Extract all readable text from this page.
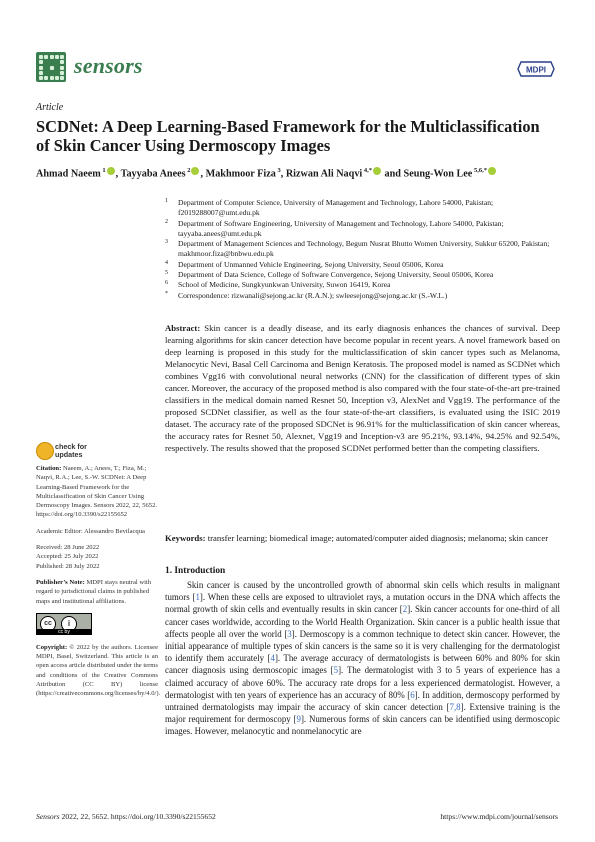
sensors	MDPI
Article
SCDNet: A Deep Learning-Based Framework for the Multiclassification of Skin Cancer Using Dermoscopy Images
Ahmad Naeem $^1$ , Tayyaba Anees $^2$ , Makhmoor Fiza $^3$, Rizwan Ali Naqvi $^{4,*}$ and Seung-Won Lee $^{5,6,*}$
1 Department of Computer Science, University of Management and Technology, Lahore 54000, Pakistan; f2019288007@umt.edu.pk
2 Department of Software Engineering, University of Management and Technology, Lahore 54000, Pakistan; tayyaba.anees@umt.edu.pk
3 Department of Management Sciences and Technology, Begum Nusrat Bhutto Women University, Sukkur 65200, Pakistan; makhmoor.fiza@bnbwu.edu.pk
4 Department of Unmanned Vehicle Engineering, Sejong University, Seoul 05006, Korea
5 Department of Data Science, College of Software Convergence, Sejong University, Seoul 05006, Korea
6 School of Medicine, Sungkyunkwan University, Suwon 16419, Korea
* Correspondence: rizwanali@sejong.ac.kr (R.A.N.); swleesejong@sejong.ac.kr (S.-W.L.)
Abstract: Skin cancer is a deadly disease, and its early diagnosis enhances the chances of survival. Deep learning algorithms for skin cancer detection have become popular in recent years. A novel framework based on deep learning is proposed in this study for the multiclassification of skin cancer types such as Melanoma, Melanocytic Nevi, Basal Cell Carcinoma and Benign Keratosis. The proposed model is named as SCDNet which combines Vgg16 with convolutional neural networks (CNN) for the classification of different types of skin cancer. Moreover, the accuracy of the proposed method is also compared with the four state-of-the-art pre-trained classifiers in the medical domain named Resnet 50, Inception v3, AlexNet and Vgg19. The performance of the proposed SCDNet classifier, as well as the four state-of-the-art classifiers, is evaluated using the ISIC 2019 dataset. The accuracy rate of the proposed SDCNet is 96.91% for the multiclassification of skin cancer whereas, the accuracy rates for Resnet 50, Alexnet, Vgg19 and Inception-v3 are 95.21%, 93.14%, 94.25% and 92.54%, respectively. The results showed that the proposed SCDNet performed better than the competing classifiers.
Keywords: transfer learning; biomedical image; automated/computer aided diagnosis; melanoma; skin cancer
1. Introduction
Skin cancer is caused by the uncontrolled growth of abnormal skin cells which results in malignant tumors [1]. When these cells are exposed to ultraviolet rays, a mutation occurs in the DNA which affects the normal growth of skin cells and eventually results in skin cancer [2]. Skin cancer accounts for one-third of all cancer cases worldwide, according to the World Health Organization. Skin cancer is a public health issue that affects people all over the world [3]. Dermoscopy is a common technique to detect skin cancer. However, the initial appearance of multiple types of skin cancers is the same so it is very challenging for the dermatologist to identify them accurately [4]. The average accuracy of dermatologists is between 60% and 80% for skin cancer diagnosis using dermoscopic images [5]. The dermatologist with 3 to 5 years of experience has a claimed accuracy of above 60%. The accuracy rate drops for a less experienced dermatologist. However, a dermatologist with ten years of experience has an accuracy of 80% [6]. In addition, dermoscopy performed by untrained dermatologists may impair the accuracy of skin cancer detection [7,8]. Extensive training is the major requirement for dermoscopy [9]. Numerous forms of skin cancers can be identified using dermoscopic images. However, melanocytic and nonmelanocytic are
check for updates

Citation: Naeem, A.; Anees, T.; Fiza, M.; Naqvi, R.A.; Lee, S.-W. SCDNet: A Deep Learning-Based Framework for the Multiclassification of Skin Cancer Using Dermoscopy Images. Sensors 2022, 22, 5652. https://doi.org/10.3390/s22155652

Academic Editor: Alessandro Bevilacqua

Received: 28 June 2022

Accepted: 25 July 2022

Published: 28 July 2022

Publisher’s Note: MDPI stays neutral with regard to jurisdictional claims in published maps and institutional affiliations.

cc	i
cc by

Copyright: © 2022 by the authors. Licensee MDPI, Basel, Switzerland. This article is an open access article distributed under the terms and conditions of the Creative Commons Attribution (CC BY) license (https://creativecommons.org/licenses/by/4.0/).

Sensors 2022, 22, 5652. https://doi.org/10.3390/s22155652	https://www.mdpi.com/journal/sensors
